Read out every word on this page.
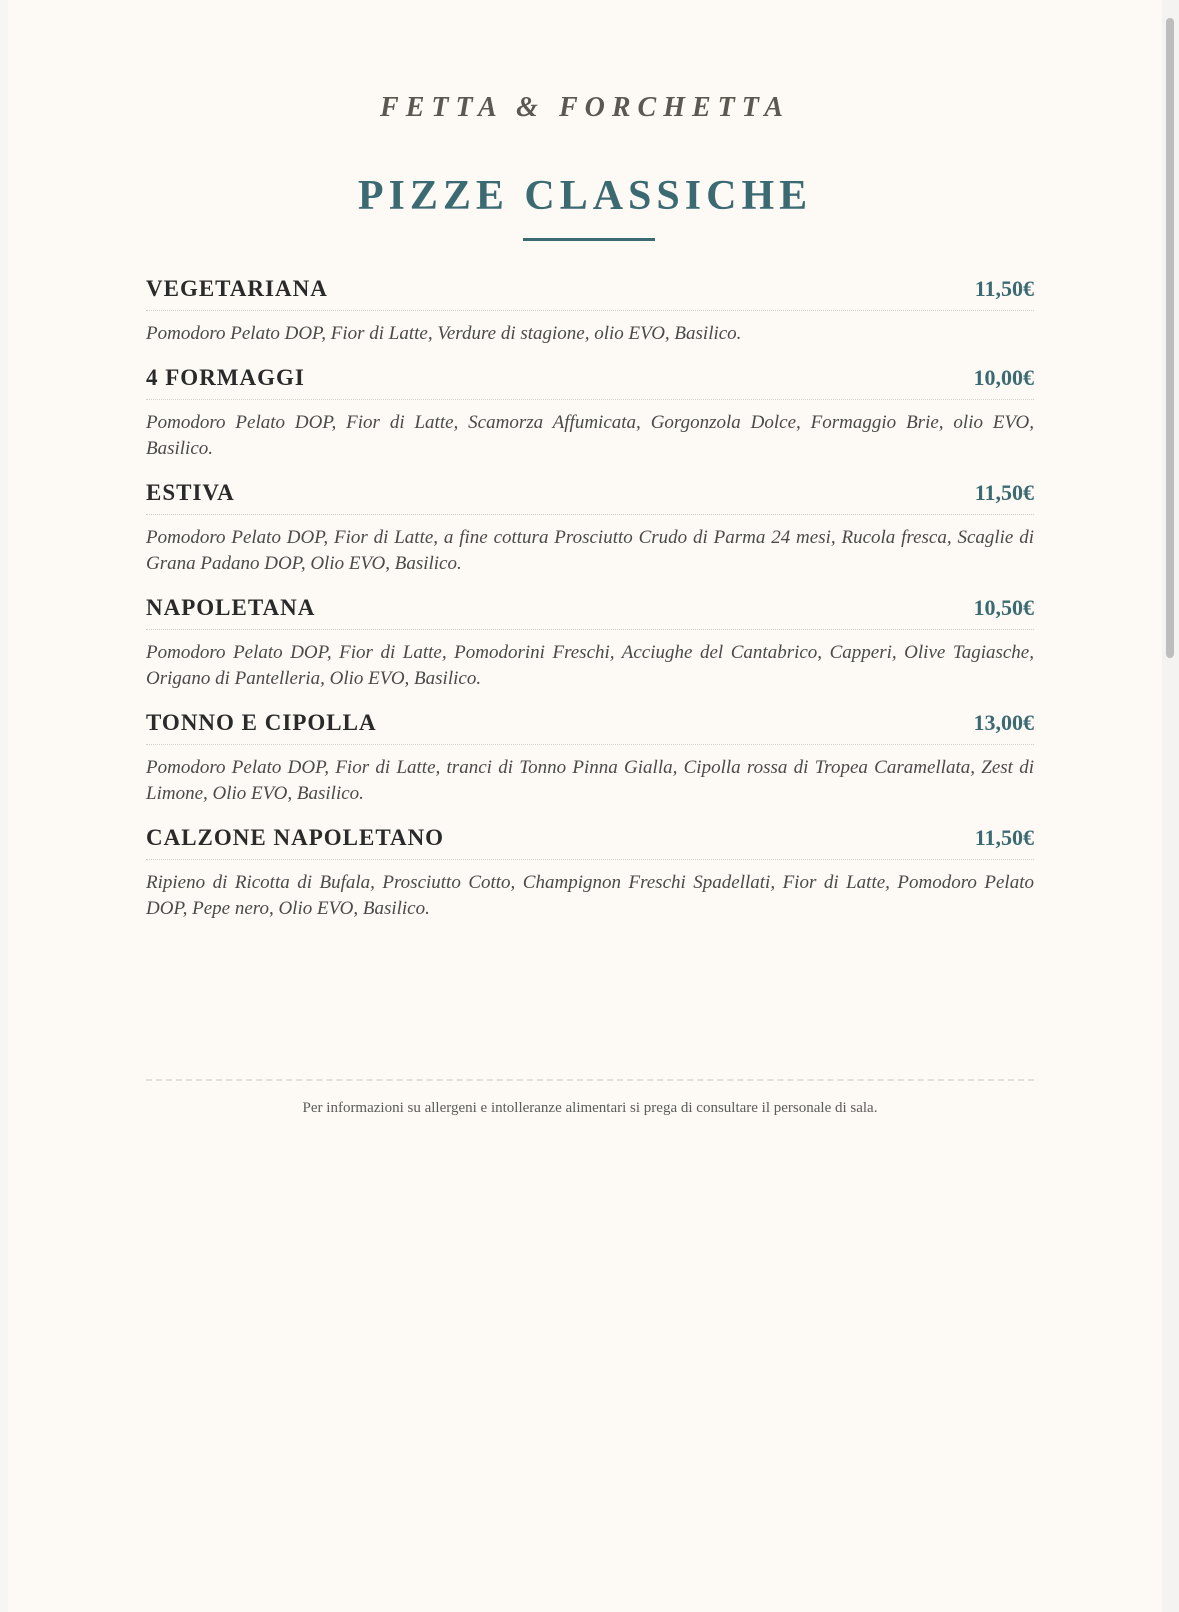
FETTA & FORCHETTA
PIZZE CLASSICHE
VEGETARIANA	11,50€
Pomodoro Pelato DOP, Fior di Latte, Verdure di stagione, olio EVO, Basilico.
4 FORMAGGI	10,00€
Pomodoro Pelato DOP, Fior di Latte, Scamorza Affumicata, Gorgonzola Dolce, Formaggio Brie, olio EVO, Basilico.
ESTIVA	11,50€
Pomodoro Pelato DOP, Fior di Latte, a fine cottura Prosciutto Crudo di Parma 24 mesi, Rucola fresca, Scaglie di Grana Padano DOP, Olio EVO, Basilico.
NAPOLETANA	10,50€
Pomodoro Pelato DOP, Fior di Latte, Pomodorini Freschi, Acciughe del Cantabrico, Capperi, Olive Tagiasche, Origano di Pantelleria, Olio EVO, Basilico.
TONNO E CIPOLLA	13,00€
Pomodoro Pelato DOP, Fior di Latte, tranci di Tonno Pinna Gialla, Cipolla rossa di Tropea Caramellata, Zest di Limone, Olio EVO, Basilico.
CALZONE NAPOLETANO	11,50€
Ripieno di Ricotta di Bufala, Prosciutto Cotto, Champignon Freschi Spadellati, Fior di Latte, Pomodoro Pelato DOP, Pepe nero, Olio EVO, Basilico.
Per informazioni su allergeni e intolleranze alimentari si prega di consultare il personale di sala.
